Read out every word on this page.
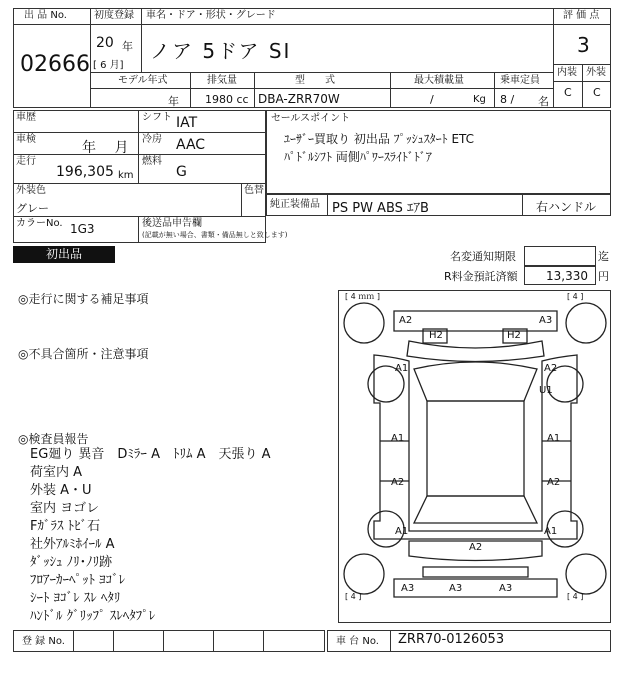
出 品 No.
02666
初度登録
20 年
[ 6 月]
車名・ドア・形状・グレード
ノア 5ドア SI
評 価 点
3
内装 外装
C C
モデル年式	排気量	型　　式	最大積載量	乗車定員
年 1980 cc DBA-ZRR70W	/	Kg 8 / 名
車歴	シフト IAT
車検
年　 月
冷房 AAC
走行
196,305 km
燃料
G
外装色
グレー
色替
カラーNo. 1G3	後送品申告欄
(記載が無い場合、書類・備品無しと致します)
セールスポイント
ﾕｰｻﾞｰ買取り 初出品 ﾌﾟｯｼｭｽﾀｰﾄ ETC
ﾊﾟﾄﾞﾙｼﾌﾄ 両側ﾊﾟﾜｰｽﾗｲﾄﾞﾄﾞｱ
純正装備品 PS PW ABS ｴｱB	右ハンドル
初出品	名変通知期限	迄
R料金預託済額 13,330 円
◎走行に関する補足事項
◎不具合箇所・注意事項
◎検査員報告
EG廻り 異音　Dﾐﾗｰ A　ﾄﾘﾑ A　天張り A
荷室内 A
外装 A・U
室内 ヨゴレ
Fｶﾞﾗｽ ﾄﾋﾞ石
社外ｱﾙﾐﾎｲｰﾙ A
ﾀﾞｯｼｭ ﾉﾘ･ﾉﾘ跡
ﾌﾛｱｰｶｰﾍﾟｯﾄ ﾖｺﾞﾚ
ｼｰﾄ ﾖｺﾞﾚ ｽﾚ ﾍﾀﾘ
ﾊﾝﾄﾞﾙ ｸﾞﾘｯﾌﾟ ｽﾚﾍﾀﾌﾟﾚ
[ 4 ｍｍ ]	[ 4 ]
[ 4 ]	[ 4 ]
A2	A3
H2	H2
A1	A2
U1
A1	A1
A2	A2
A1	A1
A2
A3	A3	A3
登 録 No.	車 台 No. ZRR70-0126053
